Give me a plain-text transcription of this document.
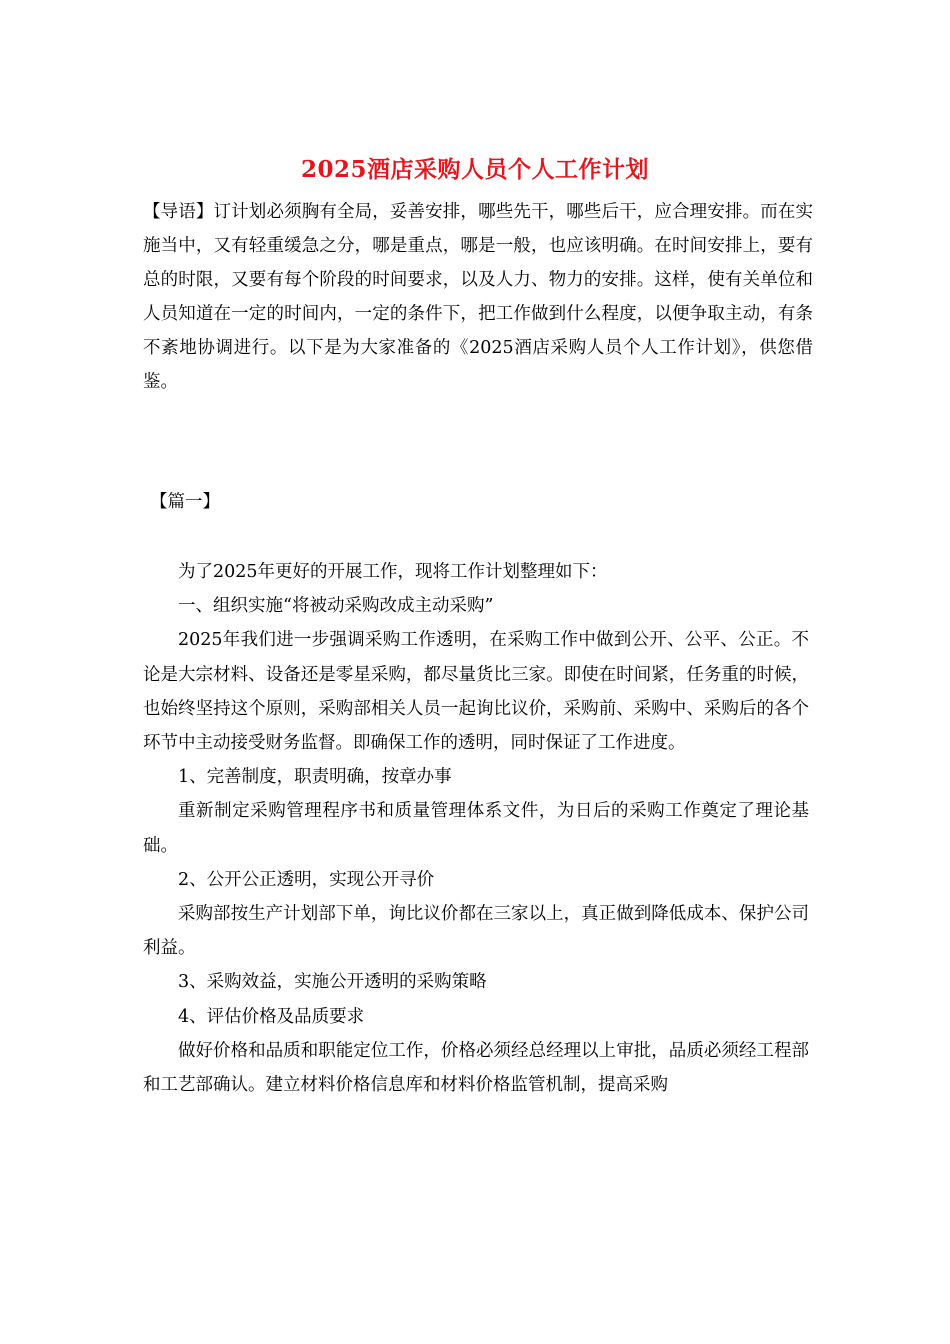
2025酒店采购人员个人工作计划

【导语】订计划必须胸有全局，妥善安排，哪些先干，哪些后干，应合理安排。而在实施当中，又有轻重缓急之分，哪是重点，哪是一般，也应该明确。在时间安排上，要有总的时限，又要有每个阶段的时间要求，以及人力、物力的安排。这样，使有关单位和人员知道在一定的时间内，一定的条件下，把工作做到什么程度，以便争取主动，有条不紊地协调进行。以下是为大家准备的《2025酒店采购人员个人工作计划》，供您借鉴。

【篇一】

为了2025年更好的开展工作，现将工作计划整理如下：

一、组织实施“将被动采购改成主动采购”

2025年我们进一步强调采购工作透明，在采购工作中做到公开、公平、公正。不论是大宗材料、设备还是零星采购，都尽量货比三家。即使在时间紧，任务重的时候，也始终坚持这个原则，采购部相关人员一起询比议价，采购前、采购中、采购后的各个环节中主动接受财务监督。即确保工作的透明，同时保证了工作进度。

1、完善制度，职责明确，按章办事

重新制定采购管理程序书和质量管理体系文件，为日后的采购工作奠定了理论基础。

2、公开公正透明，实现公开寻价

采购部按生产计划部下单，询比议价都在三家以上，真正做到降低成本、保护公司利益。

3、采购效益，实施公开透明的采购策略

4、评估价格及品质要求

做好价格和品质和职能定位工作，价格必须经总经理以上审批，品质必须经工程部和工艺部确认。建立材料价格信息库和材料价格监管机制，提高采购
